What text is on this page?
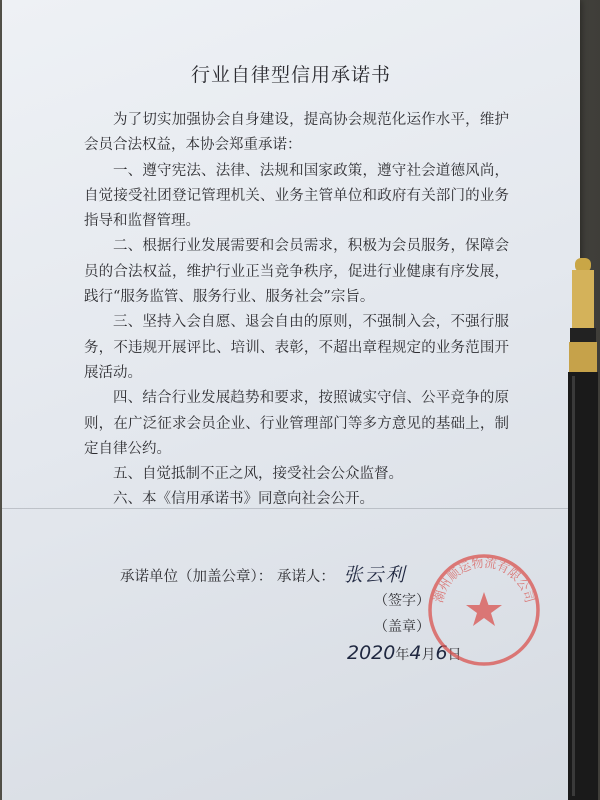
行业自律型信用承诺书

为了切实加强协会自身建设，提高协会规范化运作水平，维护会员合法权益，本协会郑重承诺：

一、遵守宪法、法律、法规和国家政策，遵守社会道德风尚，自觉接受社团登记管理机关、业务主管单位和政府有关部门的业务指导和监督管理。

二、根据行业发展需要和会员需求，积极为会员服务，保障会员的合法权益，维护行业正当竞争秩序，促进行业健康有序发展，践行“服务监管、服务行业、服务社会”宗旨。

三、坚持入会自愿、退会自由的原则，不强制入会，不强行服务，不违规开展评比、培训、表彰，不超出章程规定的业务范围开展活动。

四、结合行业发展趋势和要求，按照诚实守信、公平竞争的原则，在广泛征求会员企业、行业管理部门等多方意见的基础上，制定自律公约。

五、自觉抵制不正之风，接受社会公众监督。

六、本《信用承诺书》同意向社会公开。

承诺单位（加盖公章）： 承诺人： 张云利
（签字）
（盖章）
2020年4月6日
潮州顺运物流有限公司
